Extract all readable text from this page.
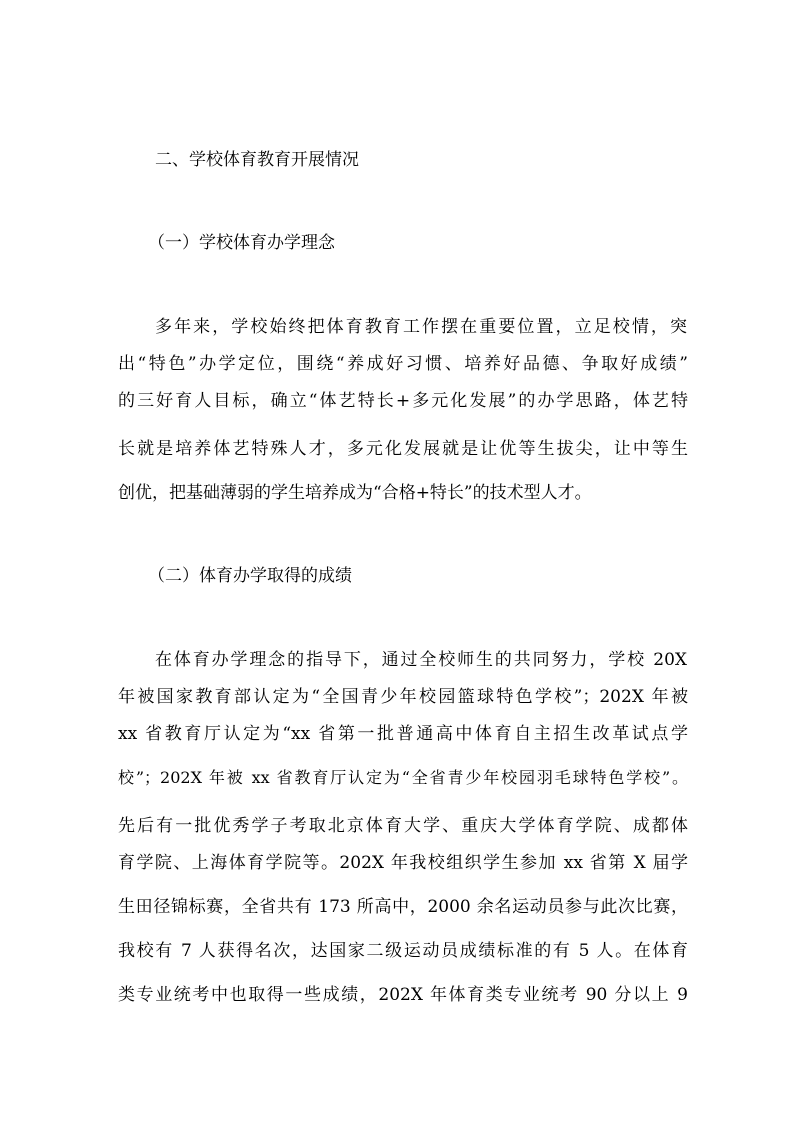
二、学校体育教育开展情况
（一）学校体育办学理念
多年来，学校始终把体育教育工作摆在重要位置，立足校情，突
出“特色”办学定位，围绕“养成好习惯、培养好品德、争取好成绩”
的三好育人目标，确立“体艺特长+多元化发展”的办学思路，体艺特
长就是培养体艺特殊人才，多元化发展就是让优等生拔尖，让中等生
创优，把基础薄弱的学生培养成为“合格+特长”的技术型人才。
（二）体育办学取得的成绩
在体育办学理念的指导下，通过全校师生的共同努力，学校 20X
年被国家教育部认定为“全国青少年校园篮球特色学校”；202X 年被
xx 省教育厅认定为“xx 省第一批普通高中体育自主招生改革试点学
校”；202X 年被 xx 省教育厅认定为“全省青少年校园羽毛球特色学校”。
先后有一批优秀学子考取北京体育大学、重庆大学体育学院、成都体
育学院、上海体育学院等。202X 年我校组织学生参加 xx 省第 X 届学
生田径锦标赛，全省共有 173 所高中，2000 余名运动员参与此次比赛，
我校有 7 人获得名次，达国家二级运动员成绩标准的有 5 人。在体育
类专业统考中也取得一些成绩，202X 年体育类专业统考 90 分以上 9
